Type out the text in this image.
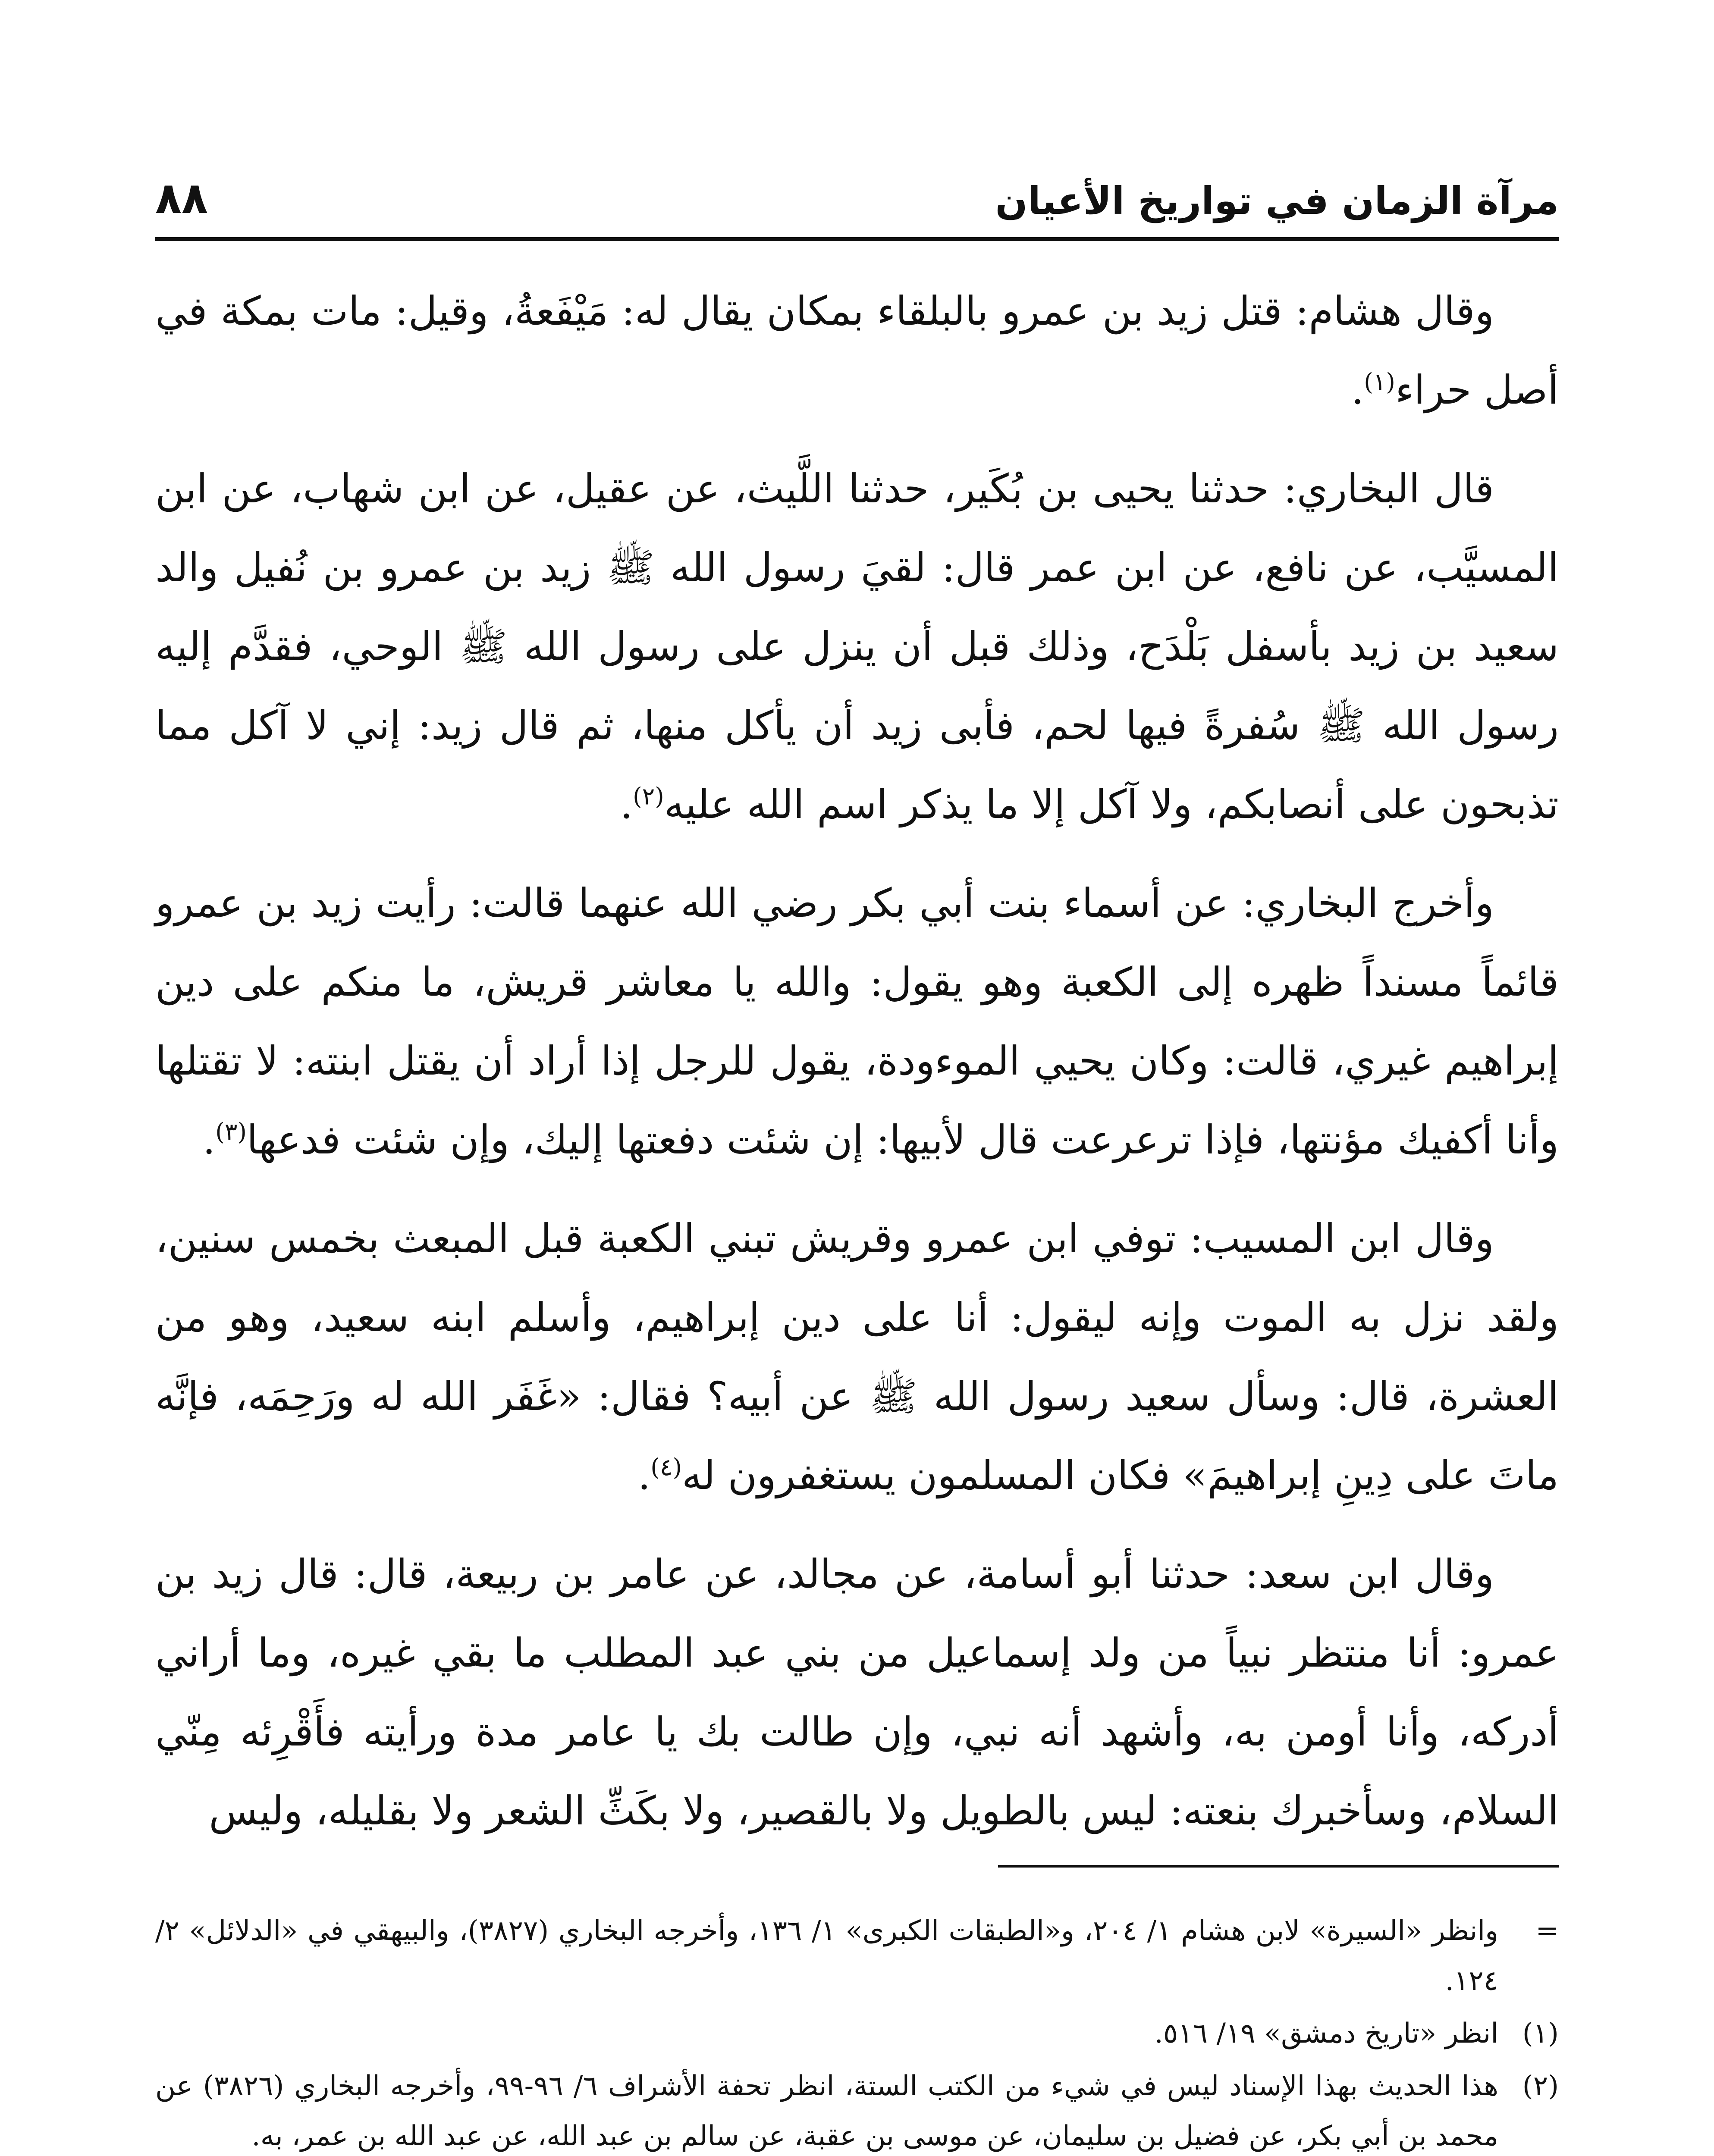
مرآة الزمان في تواريخ الأعيان
٨٨

وقال هشام: قتل زيد بن عمرو بالبلقاء بمكان يقال له: مَيْفَعةُ، وقيل: مات بمكة في أصل حراء$^{(١)}$.

قال البخاري: حدثنا يحيى بن بُكَير، حدثنا اللَّيث، عن عقيل، عن ابن شهاب، عن ابن المسيَّب، عن نافع، عن ابن عمر قال: لقيَ رسول الله ﷺ زيد بن عمرو بن نُفيل والد سعيد بن زيد بأسفل بَلْدَح، وذلك قبل أن ينزل على رسول الله ﷺ الوحي، فقدَّم إليه رسول الله ﷺ سُفرةً فيها لحم، فأبى زيد أن يأكل منها، ثم قال زيد: إني لا آكل مما تذبحون على أنصابكم، ولا آكل إلا ما يذكر اسم الله عليه$^{(٢)}$.

وأخرج البخاري: عن أسماء بنت أبي بكر رضي الله عنهما قالت: رأيت زيد بن عمرو قائماً مسنداً ظهره إلى الكعبة وهو يقول: والله يا معاشر قريش، ما منكم على دين إبراهيم غيري، قالت: وكان يحيي الموءودة، يقول للرجل إذا أراد أن يقتل ابنته: لا تقتلها وأنا أكفيك مؤنتها، فإذا ترعرعت قال لأبيها: إن شئت دفعتها إليك، وإن شئت فدعها$^{(٣)}$.

وقال ابن المسيب: توفي ابن عمرو وقريش تبني الكعبة قبل المبعث بخمس سنين، ولقد نزل به الموت وإنه ليقول: أنا على دين إبراهيم، وأسلم ابنه سعيد، وهو من العشرة، قال: وسأل سعيد رسول الله ﷺ عن أبيه؟ فقال: «غَفَر الله له ورَحِمَه، فإنَّه ماتَ على دِينِ إبراهيمَ» فكان المسلمون يستغفرون له$^{(٤)}$.

وقال ابن سعد: حدثنا أبو أسامة، عن مجالد، عن عامر بن ربيعة، قال: قال زيد بن عمرو: أنا منتظر نبياً من ولد إسماعيل من بني عبد المطلب ما بقي غيره، وما أراني أدركه، وأنا أومن به، وأشهد أنه نبي، وإن طالت بك يا عامر مدة ورأيته فأَقْرِئه مِنّي السلام، وسأخبرك بنعته: ليس بالطويل ولا بالقصير، ولا بكَثِّ الشعر ولا بقليله، وليس

=وانظر «السيرة» لابن هشام ١/ ٢٠٤، و«الطبقات الكبرى» ١/ ١٣٦، وأخرجه البخاري (٣٨٢٧)، والبيهقي في «الدلائل» ٢/ ١٢٤.

(١)انظر «تاريخ دمشق» ١٩/ ٥١٦.

(٢)هذا الحديث بهذا الإسناد ليس في شيء من الكتب الستة، انظر تحفة الأشراف ٦/ ٩٦-٩٩، وأخرجه البخاري (٣٨٢٦) عن محمد بن أبي بكر، عن فضيل بن سليمان، عن موسى بن عقبة، عن سالم بن عبد الله، عن عبد الله بن عمر، به.
